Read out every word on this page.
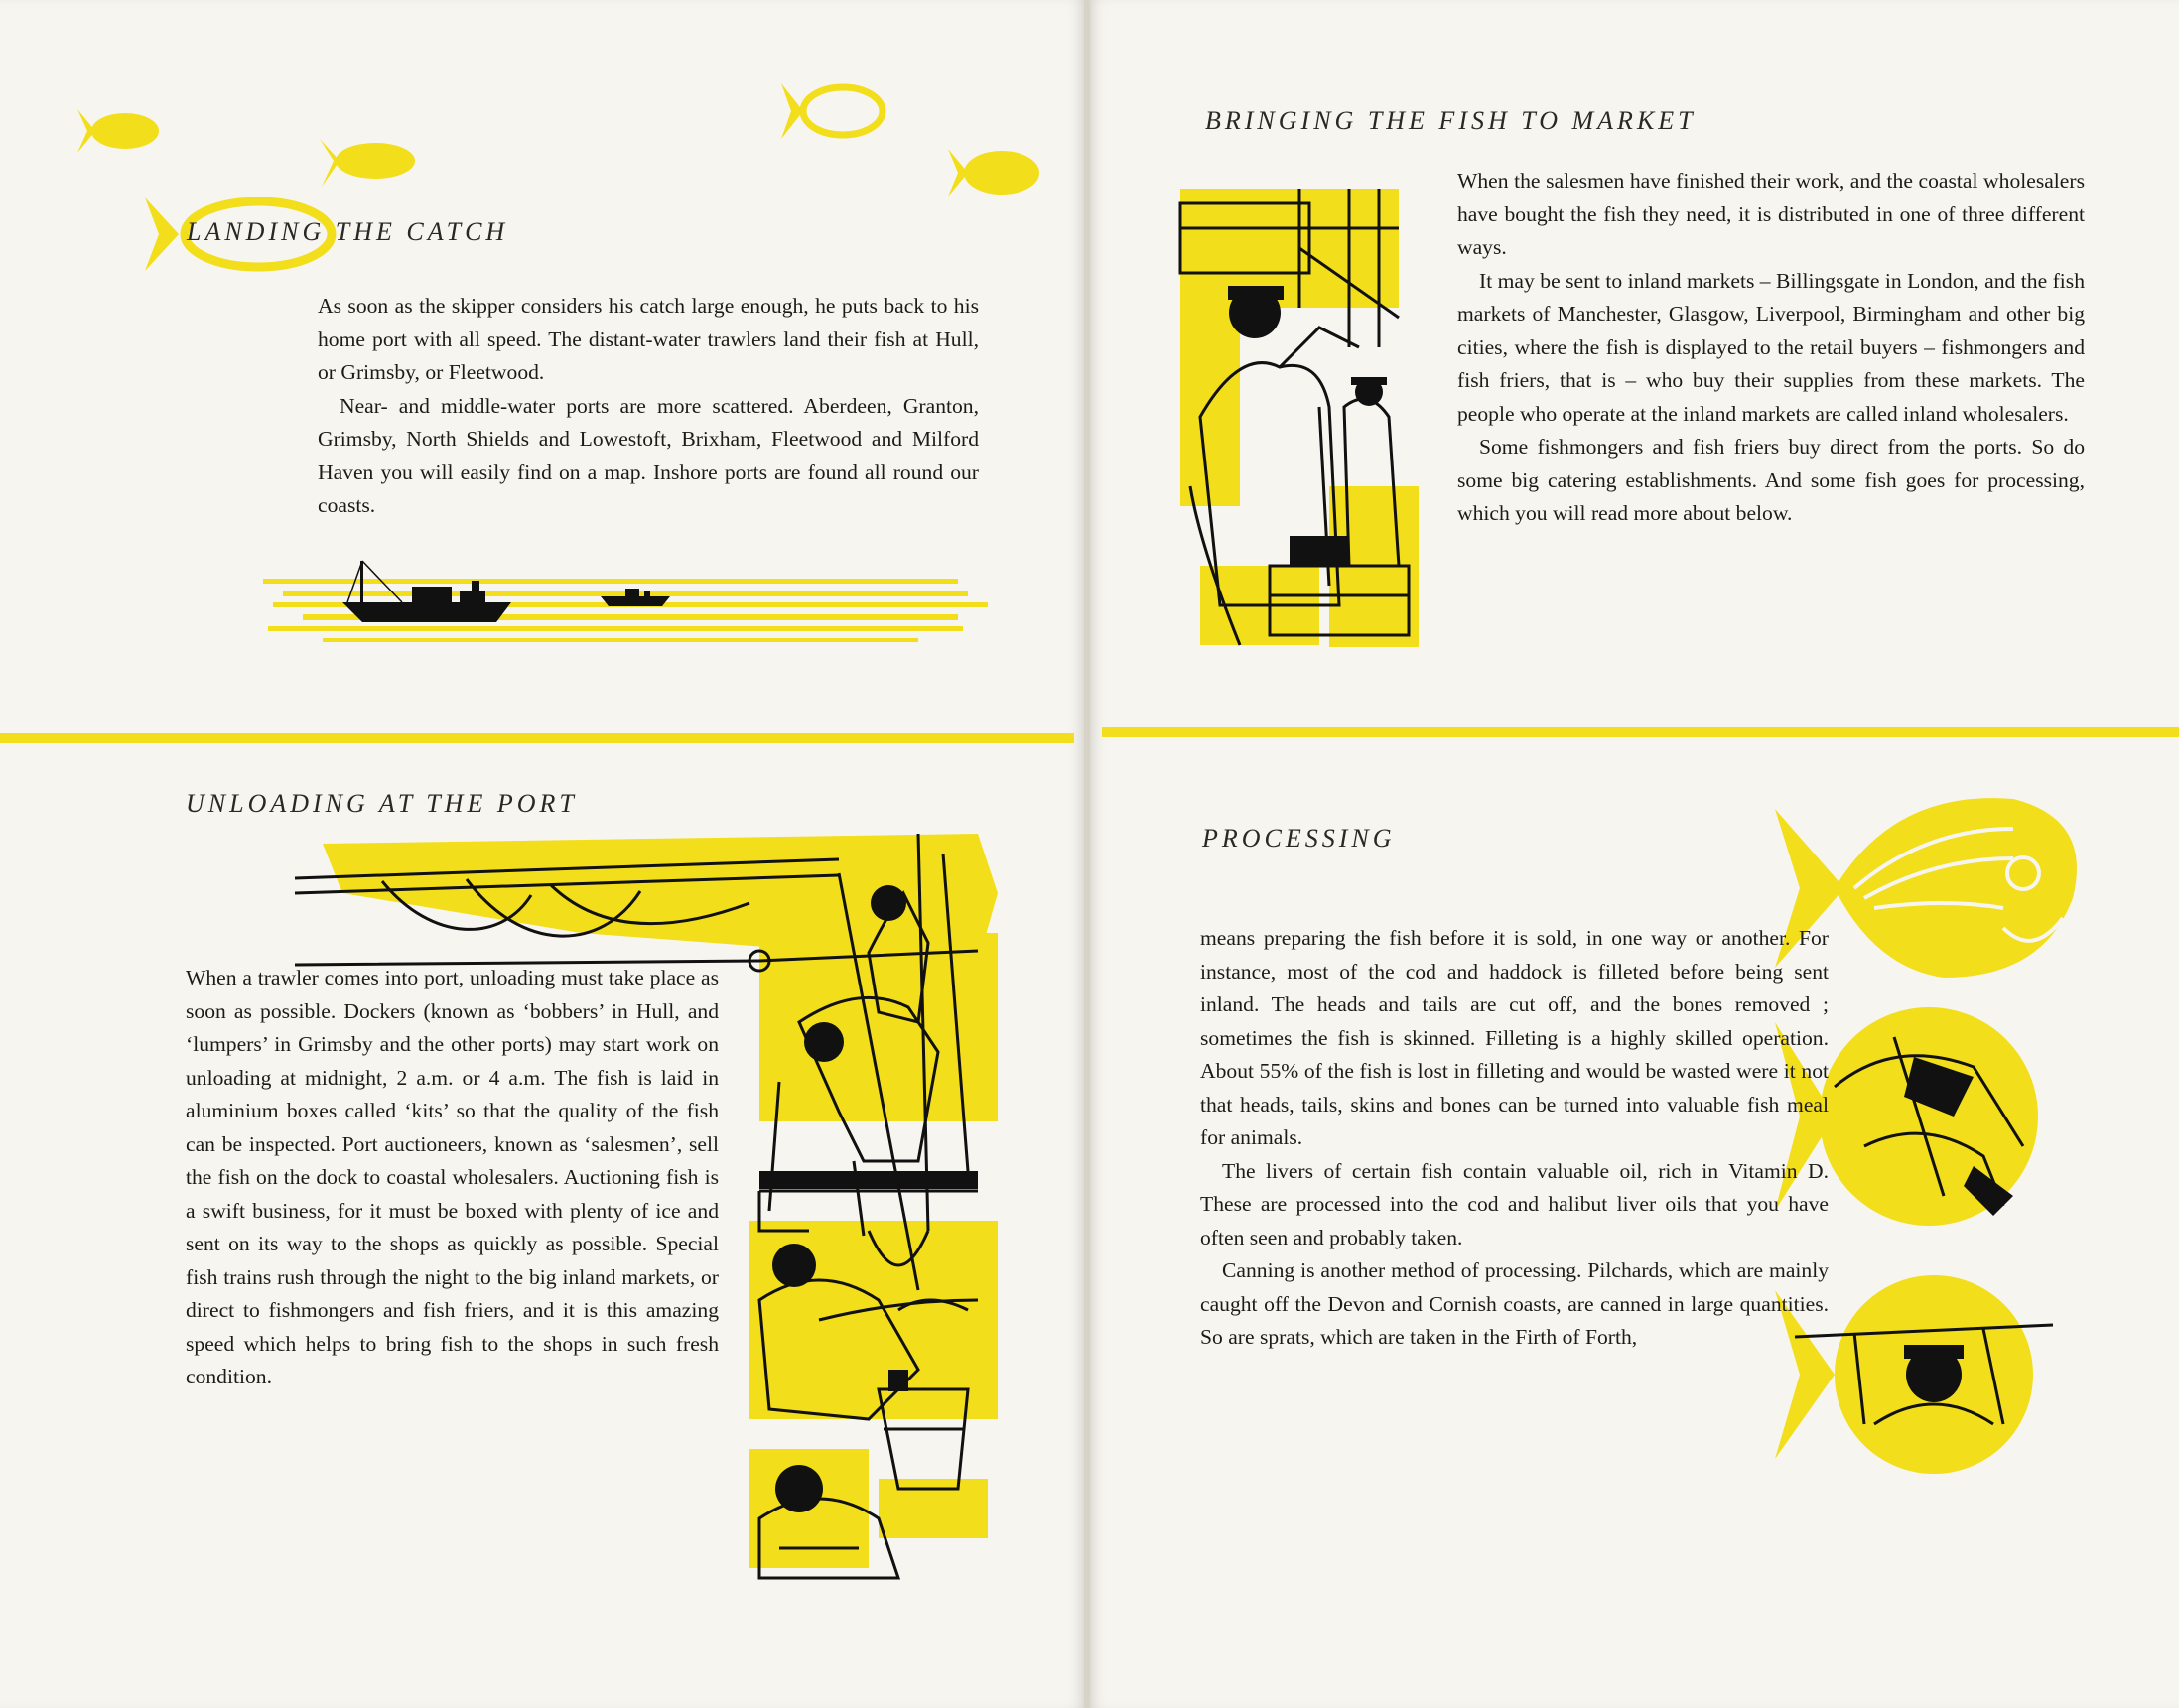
LANDING THE CATCH

As soon as the skipper considers his catch large enough, he puts back to his home port with all speed. The distant-water trawlers land their fish at Hull, or Grimsby, or Fleetwood.

Near- and middle-water ports are more scattered. Aberdeen, Granton, Grimsby, North Shields and Lowestoft, Brixham, Fleetwood and Milford Haven you will easily find on a map. Inshore ports are found all round our coasts.

UNLOADING AT THE PORT

When a trawler comes into port, unloading must take place as soon as possible. Dockers (known as ‘bobbers’ in Hull, and ‘lumpers’ in Grimsby and the other ports) may start work on unloading at midnight, 2 a.m. or 4 a.m. The fish is laid in aluminium boxes called ‘kits’ so that the quality of the fish can be inspected. Port auctioneers, known as ‘salesmen’, sell the fish on the dock to coastal wholesalers. Auctioning fish is a swift business, for it must be boxed with plenty of ice and sent on its way to the shops as quickly as possible. Special fish trains rush through the night to the big inland markets, or direct to fishmongers and fish friers, and it is this amazing speed which helps to bring fish to the shops in such fresh condition.

BRINGING THE FISH TO MARKET

When the salesmen have finished their work, and the coastal wholesalers have bought the fish they need, it is distributed in one of three different ways.

It may be sent to inland markets – Billingsgate in London, and the fish markets of Manchester, Glasgow, Liverpool, Birmingham and other big cities, where the fish is displayed to the retail buyers – fishmongers and fish friers, that is – who buy their supplies from these markets. The people who operate at the inland markets are called inland wholesalers.

Some fishmongers and fish friers buy direct from the ports. So do some big catering establishments. And some fish goes for processing, which you will read more about below.

PROCESSING

means preparing the fish before it is sold, in one way or another. For instance, most of the cod and haddock is filleted before being sent inland. The heads and tails are cut off, and the bones removed ; sometimes the fish is skinned. Filleting is a highly skilled operation. About 55% of the fish is lost in filleting and would be wasted were it not that heads, tails, skins and bones can be turned into valuable fish meal for animals.

The livers of certain fish contain valuable oil, rich in Vitamin D. These are processed into the cod and halibut liver oils that you have often seen and probably taken.

Canning is another method of processing. Pilchards, which are mainly caught off the Devon and Cornish coasts, are canned in large quantities. So are sprats, which are taken in the Firth of Forth,
